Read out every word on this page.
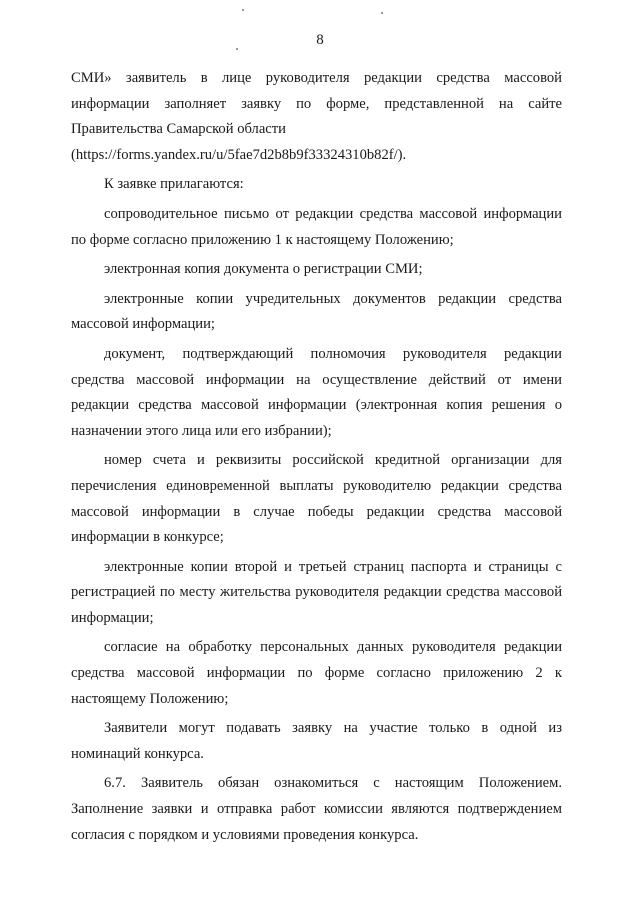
8

СМИ» заявитель в лице руководителя редакции средства массовой информации заполняет заявку по форме, представленной на сайте Правительства Самарской области

(https://forms.yandex.ru/u/5fae7d2b8b9f33324310b82f/).

К заявке прилагаются:

сопроводительное письмо от редакции средства массовой информации по форме согласно приложению 1 к настоящему Положению;

электронная копия документа о регистрации СМИ;

электронные копии учредительных документов редакции средства массовой информации;

документ, подтверждающий полномочия руководителя редакции средства массовой информации на осуществление действий от имени редакции средства массовой информации (электронная копия решения о назначении этого лица или его избрании);

номер счета и реквизиты российской кредитной организации для перечисления единовременной выплаты руководителю редакции средства массовой информации в случае победы редакции средства массовой информации в конкурсе;

электронные копии второй и третьей страниц паспорта и страницы с регистрацией по месту жительства руководителя редакции средства массовой информации;

согласие на обработку персональных данных руководителя редакции средства массовой информации по форме согласно приложению 2 к настоящему Положению;

Заявители могут подавать заявку на участие только в одной из номинаций конкурса.

6.7. Заявитель обязан ознакомиться с настоящим Положением. Заполнение заявки и отправка работ комиссии являются подтверждением согласия с порядком и условиями проведения конкурса.
